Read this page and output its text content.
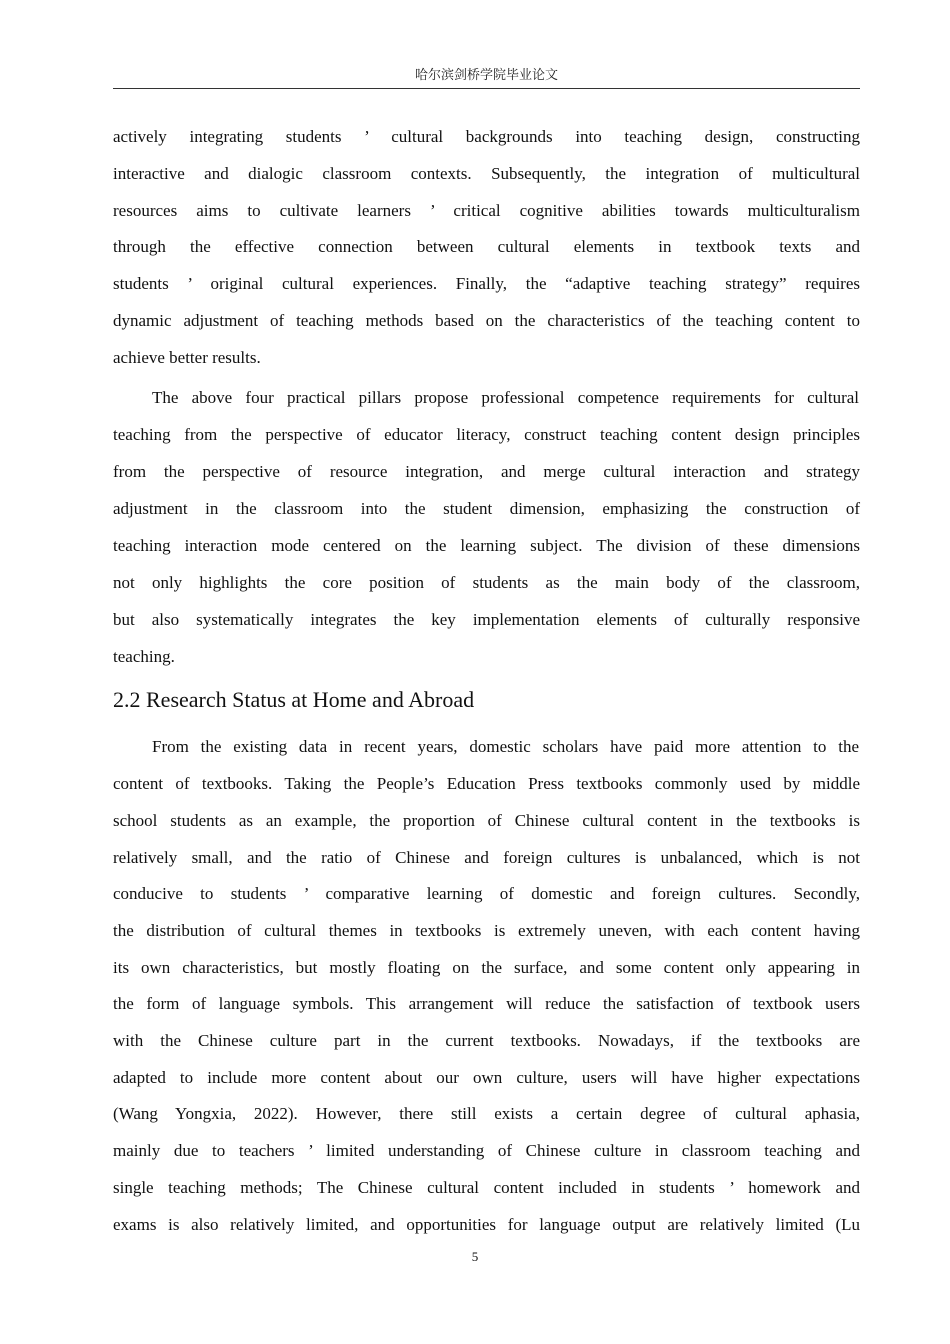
哈尔滨剑桥学院毕业论文
actively integrating students ’ cultural backgrounds into teaching design, constructing
interactive and dialogic classroom contexts. Subsequently, the integration of multicultural
resources aims to cultivate learners ’ critical cognitive abilities towards multiculturalism
through the effective connection between cultural elements in textbook texts and
students ’ original cultural experiences. Finally, the “adaptive teaching strategy” requires
dynamic adjustment of teaching methods based on the characteristics of the teaching content to
achieve better results.
The above four practical pillars propose professional competence requirements for cultural
teaching from the perspective of educator literacy, construct teaching content design principles
from the perspective of resource integration, and merge cultural interaction and strategy
adjustment in the classroom into the student dimension, emphasizing the construction of
teaching interaction mode centered on the learning subject. The division of these dimensions
not only highlights the core position of students as the main body of the classroom,
but also systematically integrates the key implementation elements of culturally responsive
teaching.
2.2 Research Status at Home and Abroad
From the existing data in recent years, domestic scholars have paid more attention to the
content of textbooks. Taking the People’s Education Press textbooks commonly used by middle
school students as an example, the proportion of Chinese cultural content in the textbooks is
relatively small, and the ratio of Chinese and foreign cultures is unbalanced, which is not
conducive to students ’ comparative learning of domestic and foreign cultures. Secondly,
the distribution of cultural themes in textbooks is extremely uneven, with each content having
its own characteristics, but mostly floating on the surface, and some content only appearing in
the form of language symbols. This arrangement will reduce the satisfaction of textbook users
with the Chinese culture part in the current textbooks. Nowadays, if the textbooks are
adapted to include more content about our own culture, users will have higher expectations
(Wang Yongxia, 2022). However, there still exists a certain degree of cultural aphasia,
mainly due to teachers ’ limited understanding of Chinese culture in classroom teaching and
single teaching methods; The Chinese cultural content included in students ’ homework and
exams is also relatively limited, and opportunities for language output are relatively limited (Lu
5
